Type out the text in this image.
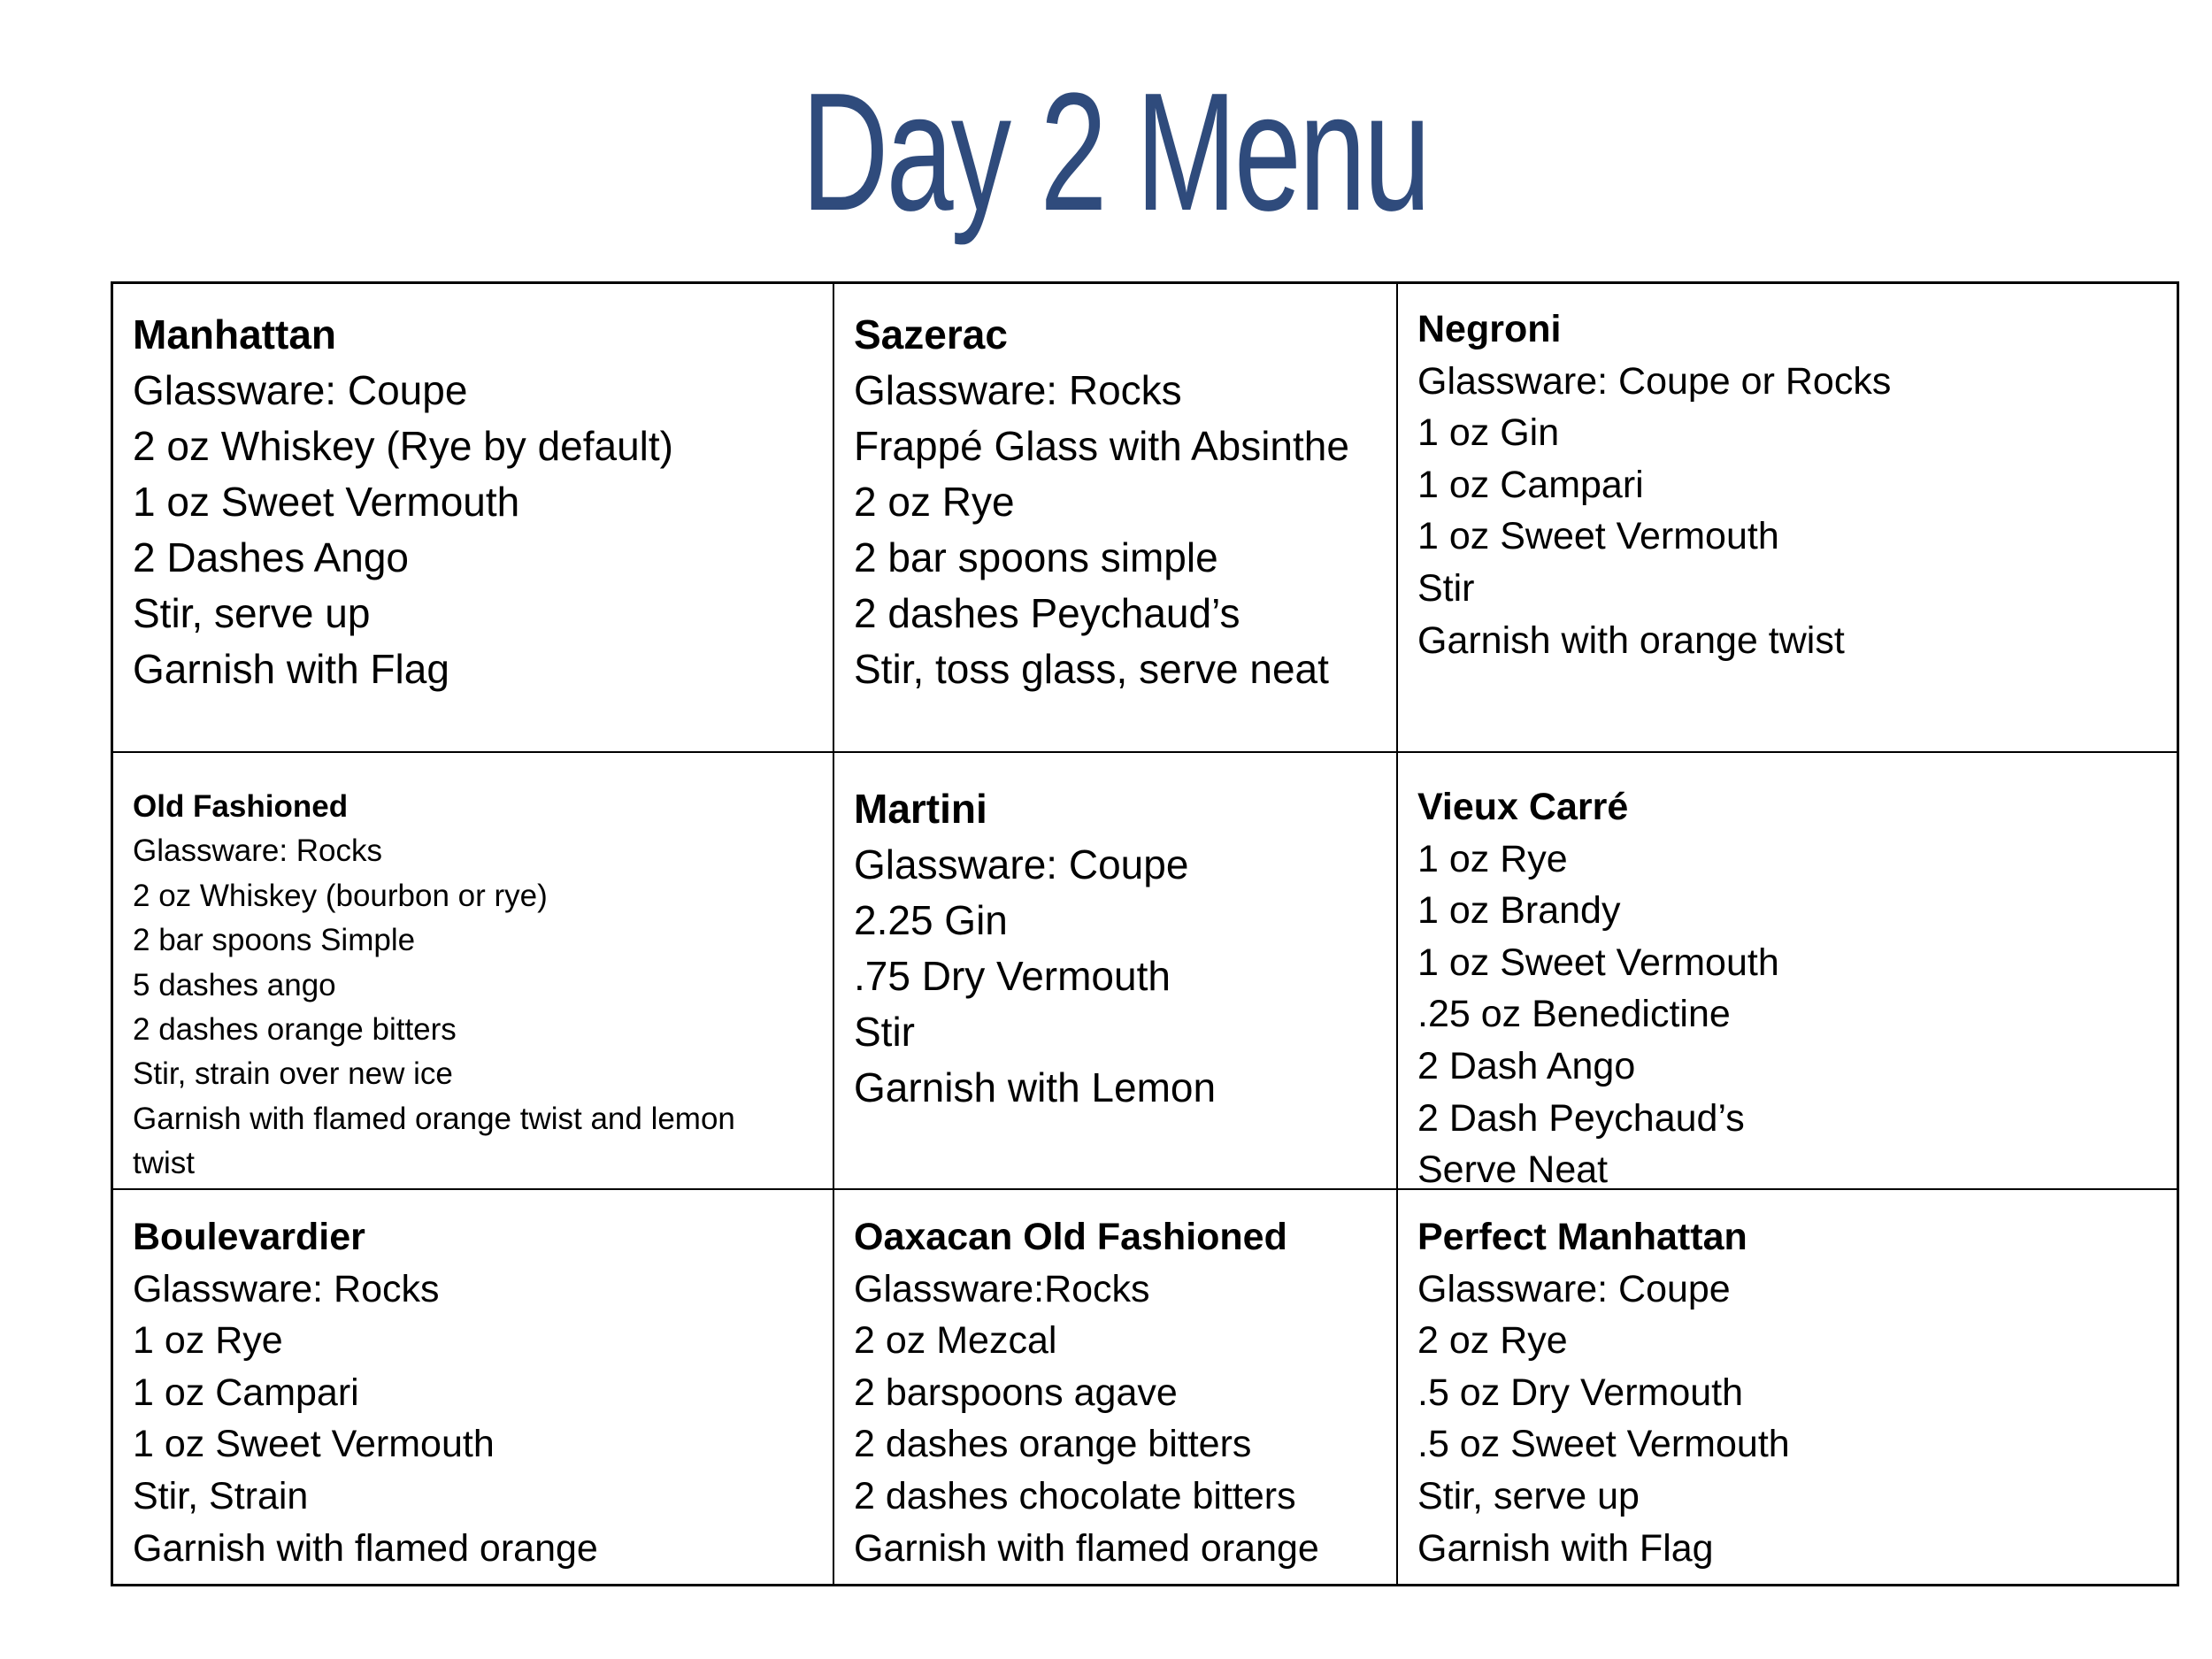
Day 2 Menu

Manhattan

Glassware: Coupe
2 oz Whiskey (Rye by default)
1 oz Sweet Vermouth
2 Dashes Ango
Stir, serve up
Garnish with Flag

Sazerac

Glassware: Rocks
Frappé Glass with Absinthe
2 oz Rye
2 bar spoons simple
2 dashes Peychaud’s
Stir, toss glass, serve neat

Negroni

Glassware: Coupe or Rocks
1 oz Gin
1 oz Campari
1 oz Sweet Vermouth
Stir
Garnish with orange twist

Old Fashioned

Glassware: Rocks
2 oz Whiskey (bourbon or rye)
2 bar spoons Simple
5 dashes ango
2 dashes orange bitters
Stir, strain over new ice
Garnish with flamed orange twist and lemon
twist

Martini

Glassware: Coupe
2.25 Gin
.75 Dry Vermouth
Stir
Garnish with Lemon

Vieux Carré

1 oz Rye
1 oz Brandy
1 oz Sweet Vermouth
.25 oz Benedictine
2 Dash Ango
2 Dash Peychaud’s
Serve Neat

Boulevardier

Glassware: Rocks
1 oz Rye
1 oz Campari
1 oz Sweet Vermouth
Stir, Strain
Garnish with flamed orange

Oaxacan Old Fashioned

Glassware:Rocks
2 oz Mezcal
2 barspoons agave
2 dashes orange bitters
2 dashes chocolate bitters
Garnish with flamed orange

Perfect Manhattan

Glassware: Coupe
2 oz Rye
.5 oz Dry Vermouth
.5 oz Sweet Vermouth
Stir, serve up
Garnish with Flag
